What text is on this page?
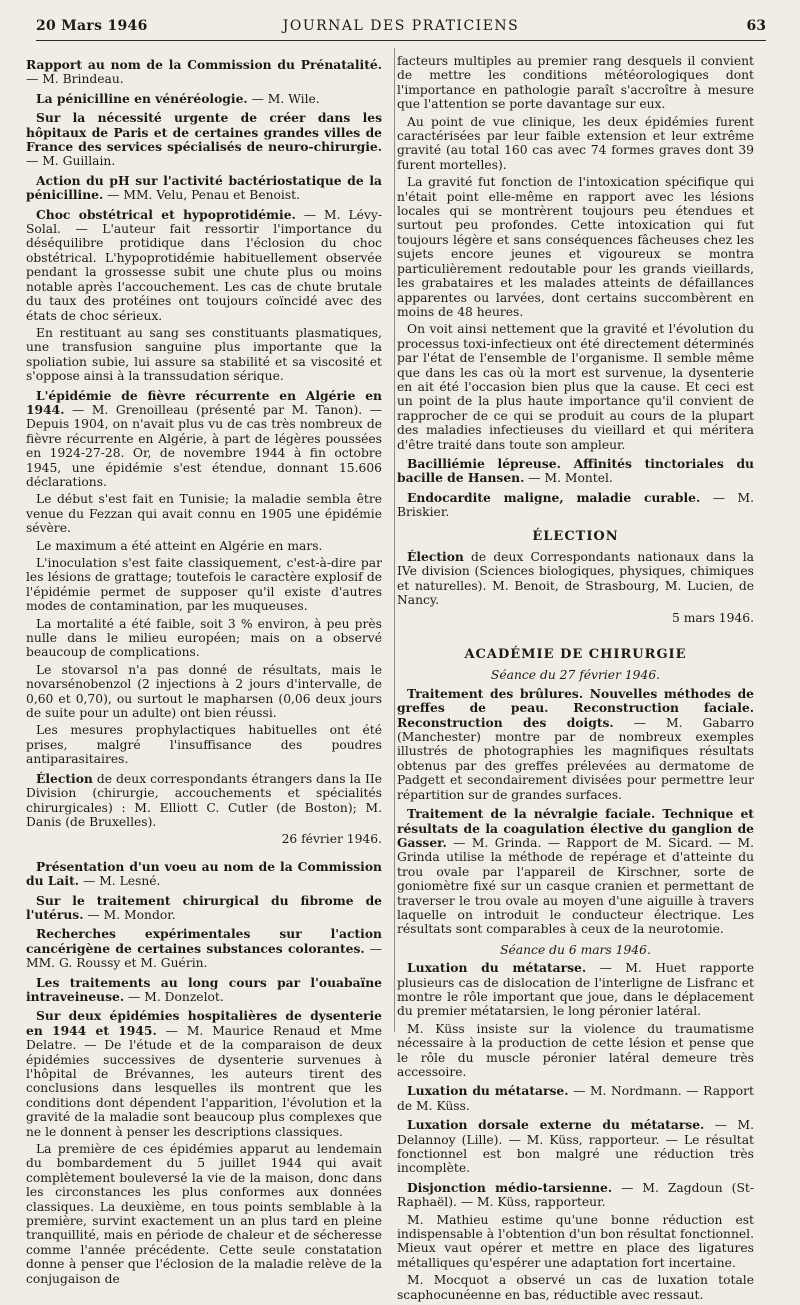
20 Mars 1946	JOURNAL DES PRATICIENS	63

Rapport au nom de la Commission du Prénatalité. — M. Brindeau.

La pénicilline en vénéréologie. — M. Wile.

Sur la nécessité urgente de créer dans les hôpitaux de Paris et de certaines grandes villes de France des services spécialisés de neuro-chirurgie. — M. Guillain.

Action du pH sur l'activité bactériostatique de la pénicilline. — MM. Velu, Penau et Benoist.

Choc obstétrical et hypoprotidémie. — M. Lévy-Solal. — L'auteur fait ressortir l'importance du déséquilibre protidique dans l'éclosion du choc obstétrical. L'hypoprotidémie habituellement observée pendant la grossesse subit une chute plus ou moins notable après l'accouchement. Les cas de chute brutale du taux des protéines ont toujours coïncidé avec des états de choc sérieux.

En restituant au sang ses constituants plasmatiques, une transfusion sanguine plus importante que la spoliation subie, lui assure sa stabilité et sa viscosité et s'oppose ainsi à la transsudation sérique.

L'épidémie de fièvre récurrente en Algérie en 1944. — M. Grenoilleau (présenté par M. Tanon). — Depuis 1904, on n'avait plus vu de cas très nombreux de fièvre récurrente en Algérie, à part de légères poussées en 1924-27-28. Or, de novembre 1944 à fin octobre 1945, une épidémie s'est étendue, donnant 15.606 déclarations.

Le début s'est fait en Tunisie; la maladie sembla être venue du Fezzan qui avait connu en 1905 une épidémie sévère.

Le maximum a été atteint en Algérie en mars.

L'inoculation s'est faite classiquement, c'est-à-dire par les lésions de grattage; toutefois le caractère explosif de l'épidémie permet de supposer qu'il existe d'autres modes de contamination, par les muqueuses.

La mortalité a été faible, soit 3 % environ, à peu près nulle dans le milieu européen; mais on a observé beaucoup de complications.

Le stovarsol n'a pas donné de résultats, mais le novarsénobenzol (2 injections à 2 jours d'intervalle, de 0,60 et 0,70), ou surtout le mapharsen (0,06 deux jours de suite pour un adulte) ont bien réussi.

Les mesures prophylactiques habituelles ont été prises, malgré l'insuffisance des poudres antiparasitaires.

Élection de deux correspondants étrangers dans la IIe Division (chirurgie, accouchements et spécialités chirurgicales) : M. Elliott C. Cutler (de Boston); M. Danis (de Bruxelles).

26 février 1946.

Présentation d'un voeu au nom de la Commission du Lait. — M. Lesné.

Sur le traitement chirurgical du fibrome de l'utérus. — M. Mondor.

Recherches expérimentales sur l'action cancérigène de certaines substances colorantes. — MM. G. Roussy et M. Guérin.

Les traitements au long cours par l'ouabaïne intraveineuse. — M. Donzelot.

Sur deux épidémies hospitalières de dysenterie en 1944 et 1945. — M. Maurice Renaud et Mme Delatre. — De l'étude et de la comparaison de deux épidémies successives de dysenterie survenues à l'hôpital de Brévannes, les auteurs tirent des conclusions dans lesquelles ils montrent que les conditions dont dépendent l'apparition, l'évolution et la gravité de la maladie sont beaucoup plus complexes que ne le donnent à penser les descriptions classiques.

La première de ces épidémies apparut au lendemain du bombardement du 5 juillet 1944 qui avait complètement bouleversé la vie de la maison, donc dans les circonstances les plus conformes aux données classiques. La deuxième, en tous points semblable à la première, survint exactement un an plus tard en pleine tranquillité, mais en période de chaleur et de sécheresse comme l'année précédente. Cette seule constatation donne à penser que l'éclosion de la maladie relève de la conjugaison de

facteurs multiples au premier rang desquels il convient de mettre les conditions météorologiques dont l'importance en pathologie paraît s'accroître à mesure que l'attention se porte davantage sur eux.

Au point de vue clinique, les deux épidémies furent caractérisées par leur faible extension et leur extrême gravité (au total 160 cas avec 74 formes graves dont 39 furent mortelles).

La gravité fut fonction de l'intoxication spécifique qui n'était point elle-même en rapport avec les lésions locales qui se montrèrent toujours peu étendues et surtout peu profondes. Cette intoxication qui fut toujours légère et sans conséquences fâcheuses chez les sujets encore jeunes et vigoureux se montra particulièrement redoutable pour les grands vieillards, les grabataires et les malades atteints de défaillances apparentes ou larvées, dont certains succombèrent en moins de 48 heures.

On voit ainsi nettement que la gravité et l'évolution du processus toxi-infectieux ont été directement déterminés par l'état de l'ensemble de l'organisme. Il semble même que dans les cas où la mort est survenue, la dysenterie en ait été l'occasion bien plus que la cause. Et ceci est un point de la plus haute importance qu'il convient de rapprocher de ce qui se produit au cours de la plupart des maladies infectieuses du vieillard et qui méritera d'être traité dans toute son ampleur.

Bacilliémie lépreuse. Affinités tinctoriales du bacille de Hansen. — M. Montel.

Endocardite maligne, maladie curable. — M. Briskier.

ÉLECTION

Élection de deux Correspondants nationaux dans la IVe division (Sciences biologiques, physiques, chimiques et naturelles). M. Benoit, de Strasbourg, M. Lucien, de Nancy.

5 mars 1946.

ACADÉMIE DE CHIRURGIE

Séance du 27 février 1946.

Traitement des brûlures. Nouvelles méthodes de greffes de peau. Reconstruction faciale. Reconstruction des doigts. — M. Gabarro (Manchester) montre par de nombreux exemples illustrés de photographies les magnifiques résultats obtenus par des greffes prélevées au dermatome de Padgett et secondairement divisées pour permettre leur répartition sur de grandes surfaces.

Traitement de la névralgie faciale. Technique et résultats de la coagulation élective du ganglion de Gasser. — M. Grinda. — Rapport de M. Sicard. — M. Grinda utilise la méthode de repérage et d'atteinte du trou ovale par l'appareil de Kirschner, sorte de goniomètre fixé sur un casque cranien et permettant de traverser le trou ovale au moyen d'une aiguille à travers laquelle on introduit le conducteur électrique. Les résultats sont comparables à ceux de la neurotomie.

Séance du 6 mars 1946.

Luxation du métatarse. — M. Huet rapporte plusieurs cas de dislocation de l'interligne de Lisfranc et montre le rôle important que joue, dans le déplacement du premier métatarsien, le long péronier latéral.

M. Küss insiste sur la violence du traumatisme nécessaire à la production de cette lésion et pense que le rôle du muscle péronier latéral demeure très accessoire.

Luxation du métatarse. — M. Nordmann. — Rapport de M. Küss.

Luxation dorsale externe du métatarse. — M. Delannoy (Lille). — M. Küss, rapporteur. — Le résultat fonctionnel est bon malgré une réduction très incomplète.

Disjonction médio-tarsienne. — M. Zagdoun (St-Raphaël). — M. Küss, rapporteur.

M. Mathieu estime qu'une bonne réduction est indispensable à l'obtention d'un bon résultat fonctionnel. Mieux vaut opérer et mettre en place des ligatures métalliques qu'espérer une adaptation fort incertaine.

M. Mocquot a observé un cas de luxation totale scaphocunéenne en bas, réductible avec ressaut.
